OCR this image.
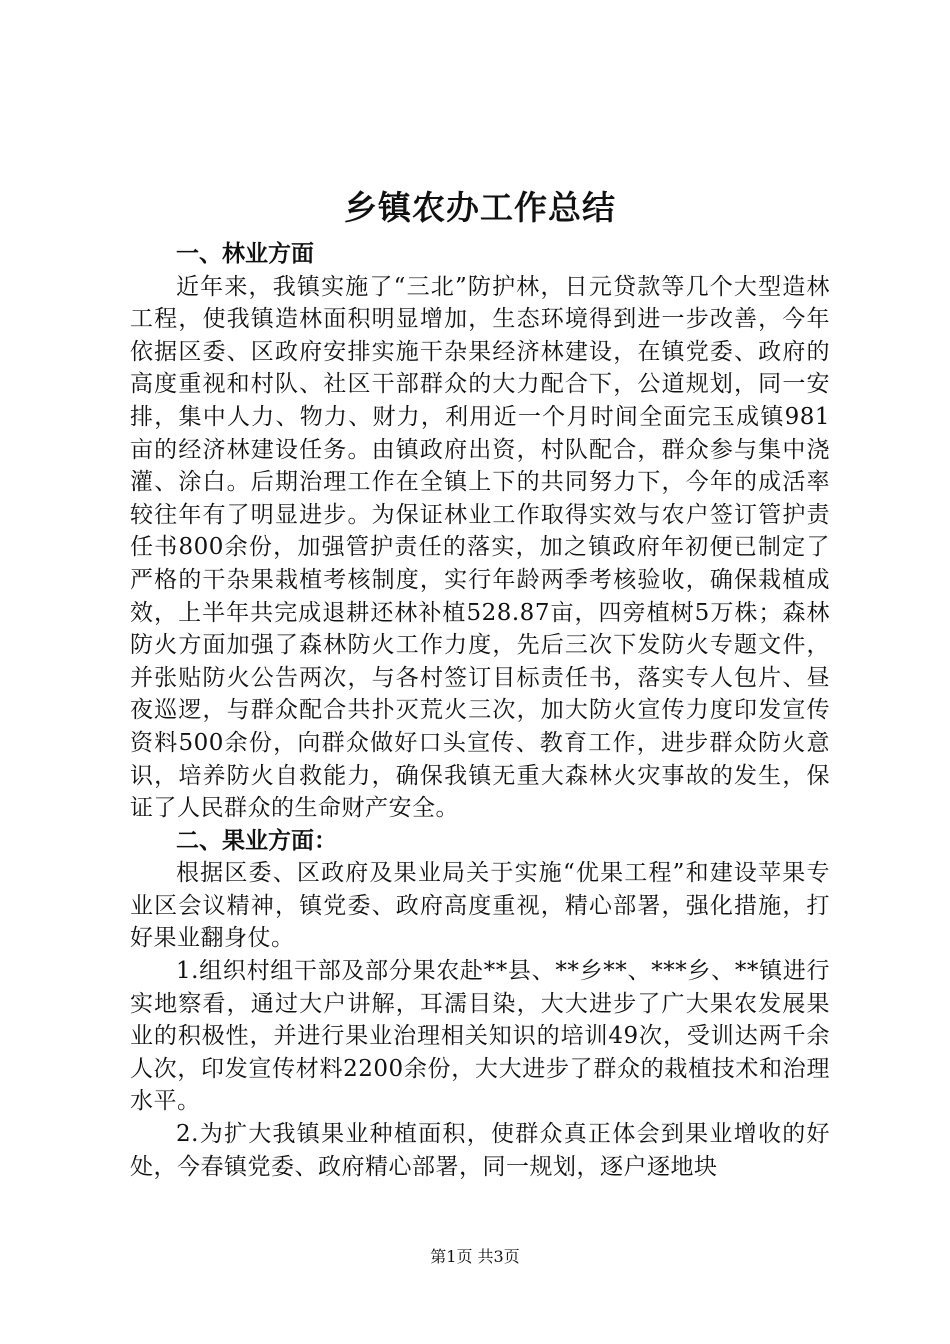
乡镇农办工作总结

一、林业方面

近年来，我镇实施了“三北”防护林，日元贷款等几个大型造林工程，使我镇造林面积明显增加，生态环境得到进一步改善，今年依据区委、区政府安排实施干杂果经济林建设，在镇党委、政府的高度重视和村队、社区干部群众的大力配合下，公道规划，同一安排，集中人力、物力、财力，利用近一个月时间全面完玉成镇981亩的经济林建设任务。由镇政府出资，村队配合，群众参与集中浇灌、涂白。后期治理工作在全镇上下的共同努力下，今年的成活率较往年有了明显进步。为保证林业工作取得实效与农户签订管护责任书800余份，加强管护责任的落实，加之镇政府年初便已制定了严格的干杂果栽植考核制度，实行年龄两季考核验收，确保栽植成效，上半年共完成退耕还林补植528.87亩，四旁植树5万株；森林防火方面加强了森林防火工作力度，先后三次下发防火专题文件，并张贴防火公告两次，与各村签订目标责任书，落实专人包片、昼夜巡逻，与群众配合共扑灭荒火三次，加大防火宣传力度印发宣传资料500余份，向群众做好口头宣传、教育工作，进步群众防火意识，培养防火自救能力，确保我镇无重大森林火灾事故的发生，保证了人民群众的生命财产安全。

二、果业方面：

根据区委、区政府及果业局关于实施“优果工程”和建设苹果专业区会议精神，镇党委、政府高度重视，精心部署，强化措施，打好果业翻身仗。

1.组织村组干部及部分果农赴**县、**乡**、***乡、**镇进行实地察看，通过大户讲解，耳濡目染，大大进步了广大果农发展果业的积极性，并进行果业治理相关知识的培训49次，受训达两千余人次，印发宣传材料2200余份，大大进步了群众的栽植技术和治理水平。

2.为扩大我镇果业种植面积，使群众真正体会到果业增收的好处，今春镇党委、政府精心部署，同一规划，逐户逐地块

第1页 共3页
